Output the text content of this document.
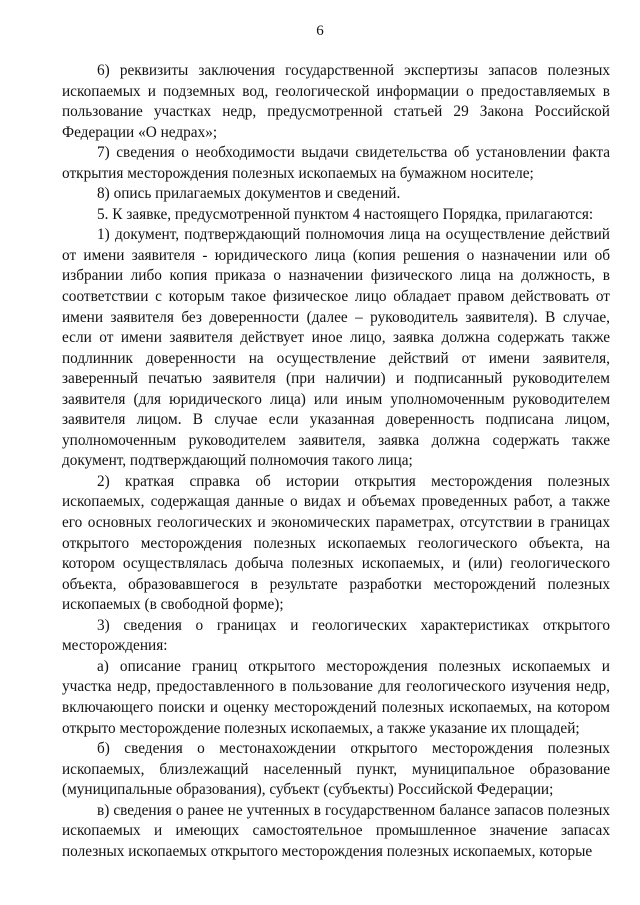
6

6) реквизиты заключения государственной экспертизы запасов полезных ископаемых и подземных вод, геологической информации о предоставляемых в пользование участках недр, предусмотренной статьей 29 Закона Российской Федерации «О недрах»;

7) сведения о необходимости выдачи свидетельства об установлении факта открытия месторождения полезных ископаемых на бумажном носителе;

8) опись прилагаемых документов и сведений.

5. К заявке, предусмотренной пунктом 4 настоящего Порядка, прилагаются:

1) документ, подтверждающий полномочия лица на осуществление действий от имени заявителя - юридического лица (копия решения о назначении или об избрании либо копия приказа о назначении физического лица на должность, в соответствии с которым такое физическое лицо обладает правом действовать от имени заявителя без доверенности (далее – руководитель заявителя). В случае, если от имени заявителя действует иное лицо, заявка должна содержать также подлинник доверенности на осуществление действий от имени заявителя, заверенный печатью заявителя (при наличии) и подписанный руководителем заявителя (для юридического лица) или иным уполномоченным руководителем заявителя лицом. В случае если указанная доверенность подписана лицом, уполномоченным руководителем заявителя, заявка должна содержать также документ, подтверждающий полномочия такого лица;

2) краткая справка об истории открытия месторождения полезных ископаемых, содержащая данные о видах и объемах проведенных работ, а также его основных геологических и экономических параметрах, отсутствии в границах открытого месторождения полезных ископаемых геологического объекта, на котором осуществлялась добыча полезных ископаемых, и (или) геологического объекта, образовавшегося в результате разработки месторождений полезных ископаемых (в свободной форме);

3) сведения о границах и геологических характеристиках открытого месторождения:

а) описание границ открытого месторождения полезных ископаемых и участка недр, предоставленного в пользование для геологического изучения недр, включающего поиски и оценку месторождений полезных ископаемых, на котором открыто месторождение полезных ископаемых, а также указание их площадей;

б) сведения о местонахождении открытого месторождения полезных ископаемых, близлежащий населенный пункт, муниципальное образование (муниципальные образования), субъект (субъекты) Российской Федерации;

в) сведения о ранее не учтенных в государственном балансе запасов полезных ископаемых и имеющих самостоятельное промышленное значение запасах полезных ископаемых открытого месторождения полезных ископаемых, которые
